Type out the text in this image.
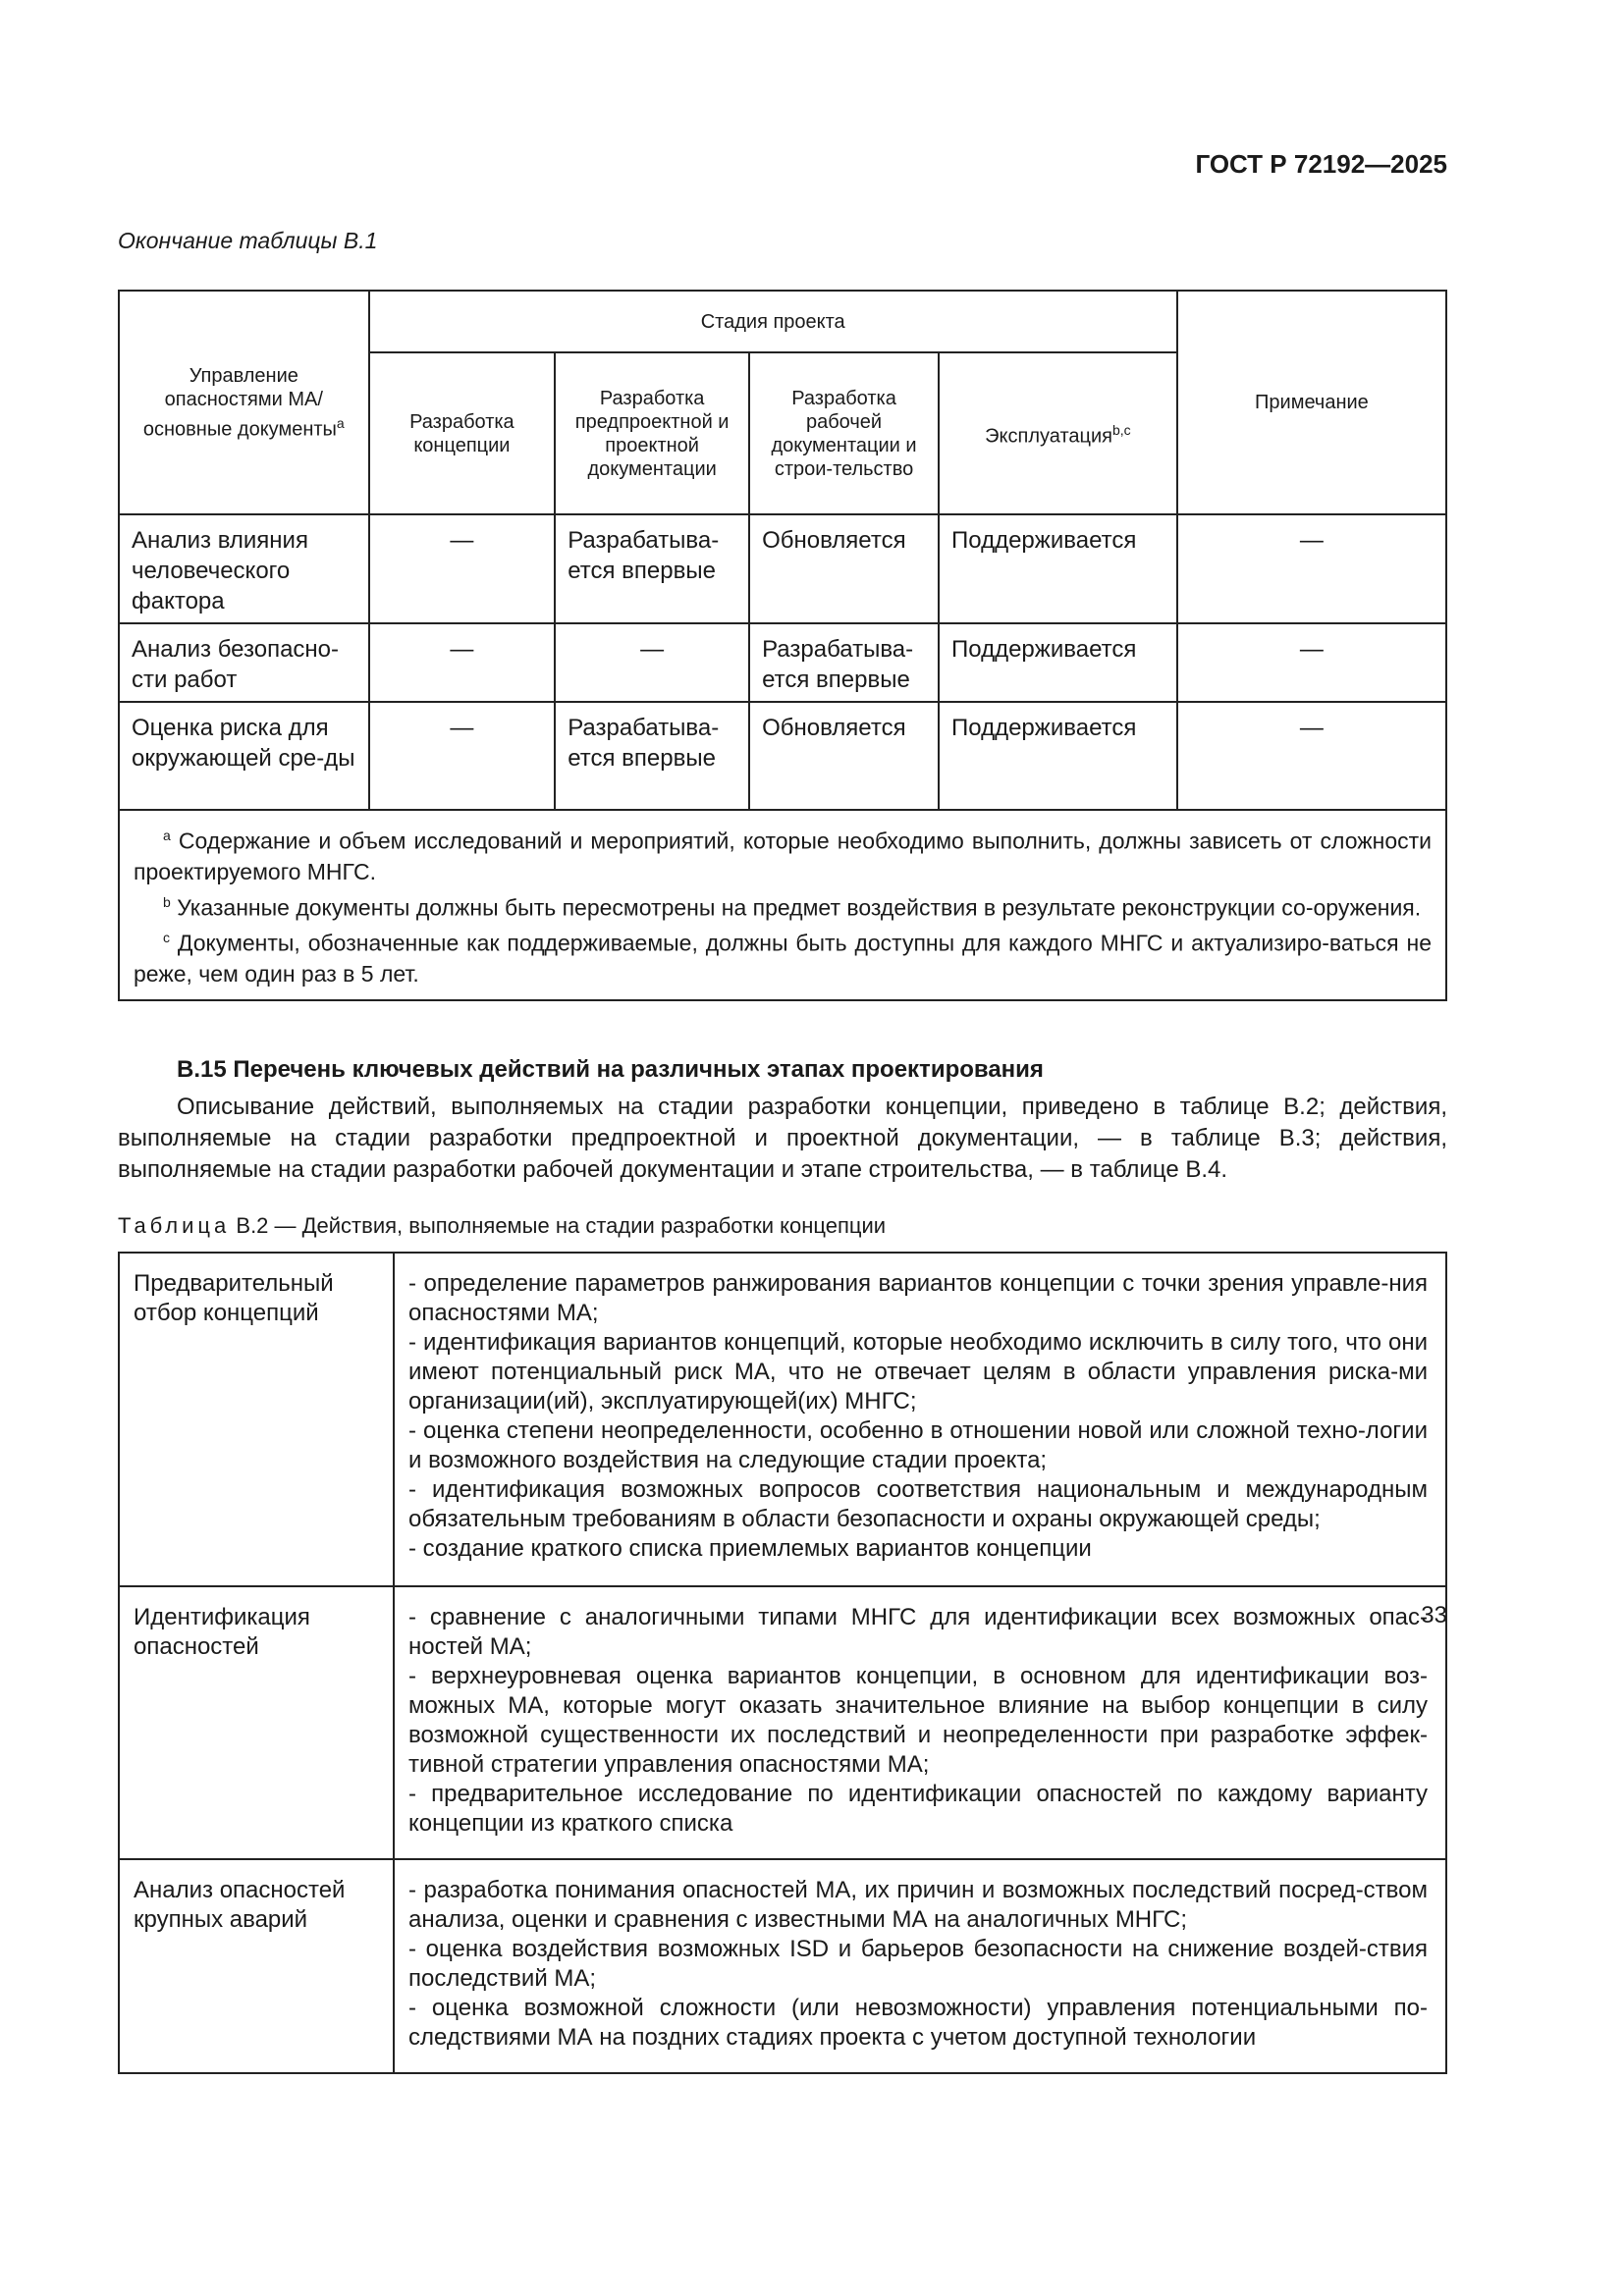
ГОСТ Р 72192—2025
Окончание таблицы В.1
Управление опасностями МА/основные документы$^a$	Стадия проекта				Примечание
	Разработка концепции	Разработка предпроектной и проектной документации	Разработка рабочей документации и строи-тельство	Эксплуатация$^{b,c}$
Анализ влияния человеческого фактора	—	Разрабатыва-ется впервые	Обновляется	Поддерживается	—
Анализ безопасно-сти работ	—	—	Разрабатыва-ется впервые	Поддерживается	—
Оценка риска для окружающей сре-ды	—	Разрабатыва-ется впервые	Обновляется	Поддерживается	—

$^a$ Содержание и объем исследований и мероприятий, которые необходимо выполнить, должны зависеть от сложности проектируемого МНГС.
$^b$ Указанные документы должны быть пересмотрены на предмет воздействия в результате реконструкции со-оружения.
$^c$ Документы, обозначенные как поддерживаемые, должны быть доступны для каждого МНГС и актуализиро-ваться не реже, чем один раз в 5 лет.					
В.15 Перечень ключевых действий на различных этапах проектирования
Описывание действий, выполняемых на стадии разработки концепции, приведено в таблице В.2; действия, выполняемые на стадии разработки предпроектной и проектной документации, — в таблице В.3; действия, выполняемые на стадии разработки рабочей документации и этапе строительства, — в таблице В.4.
Таблица В.2 — Действия, выполняемые на стадии разработки концепции
Предварительный отбор концепций	- определение параметров ранжирования вариантов концепции с точки зрения управле-ния опасностями МА;

- идентификация вариантов концепций, которые необходимо исключить в силу того, что они имеют потенциальный риск МА, что не отвечает целям в области управления риска-ми организации(ий), эксплуатирующей(их) МНГС;

- оценка степени неопределенности, особенно в отношении новой или сложной техно-логии и возможного воздействия на следующие стадии проекта;

- идентификация возможных вопросов соответствия национальным и международным обязательным требованиям в области безопасности и охраны окружающей среды;

- создание краткого списка приемлемых вариантов концепции

Идентификация опасностей	- сравнение с аналогичными типами МНГС для идентификации всех возможных опас-ностей МА;

- верхнеуровневая оценка вариантов концепции, в основном для идентификации воз-можных МА, которые могут оказать значительное влияние на выбор концепции в силу возможной существенности их последствий и неопределенности при разработке эффек-тивной стратегии управления опасностями МА;

- предварительное исследование по идентификации опасностей по каждому варианту концепции из краткого списка

Анализ опасностей крупных аварий	- разработка понимания опасностей МА, их причин и возможных последствий посред-ством анализа, оценки и сравнения с известными МА на аналогичных МНГС;

- оценка воздействия возможных ISD и барьеров безопасности на снижение воздей-ствия последствий МА;

- оценка возможной сложности (или невозможности) управления потенциальными по-следствиями МА на поздних стадиях проекта с учетом доступной технологии

33
